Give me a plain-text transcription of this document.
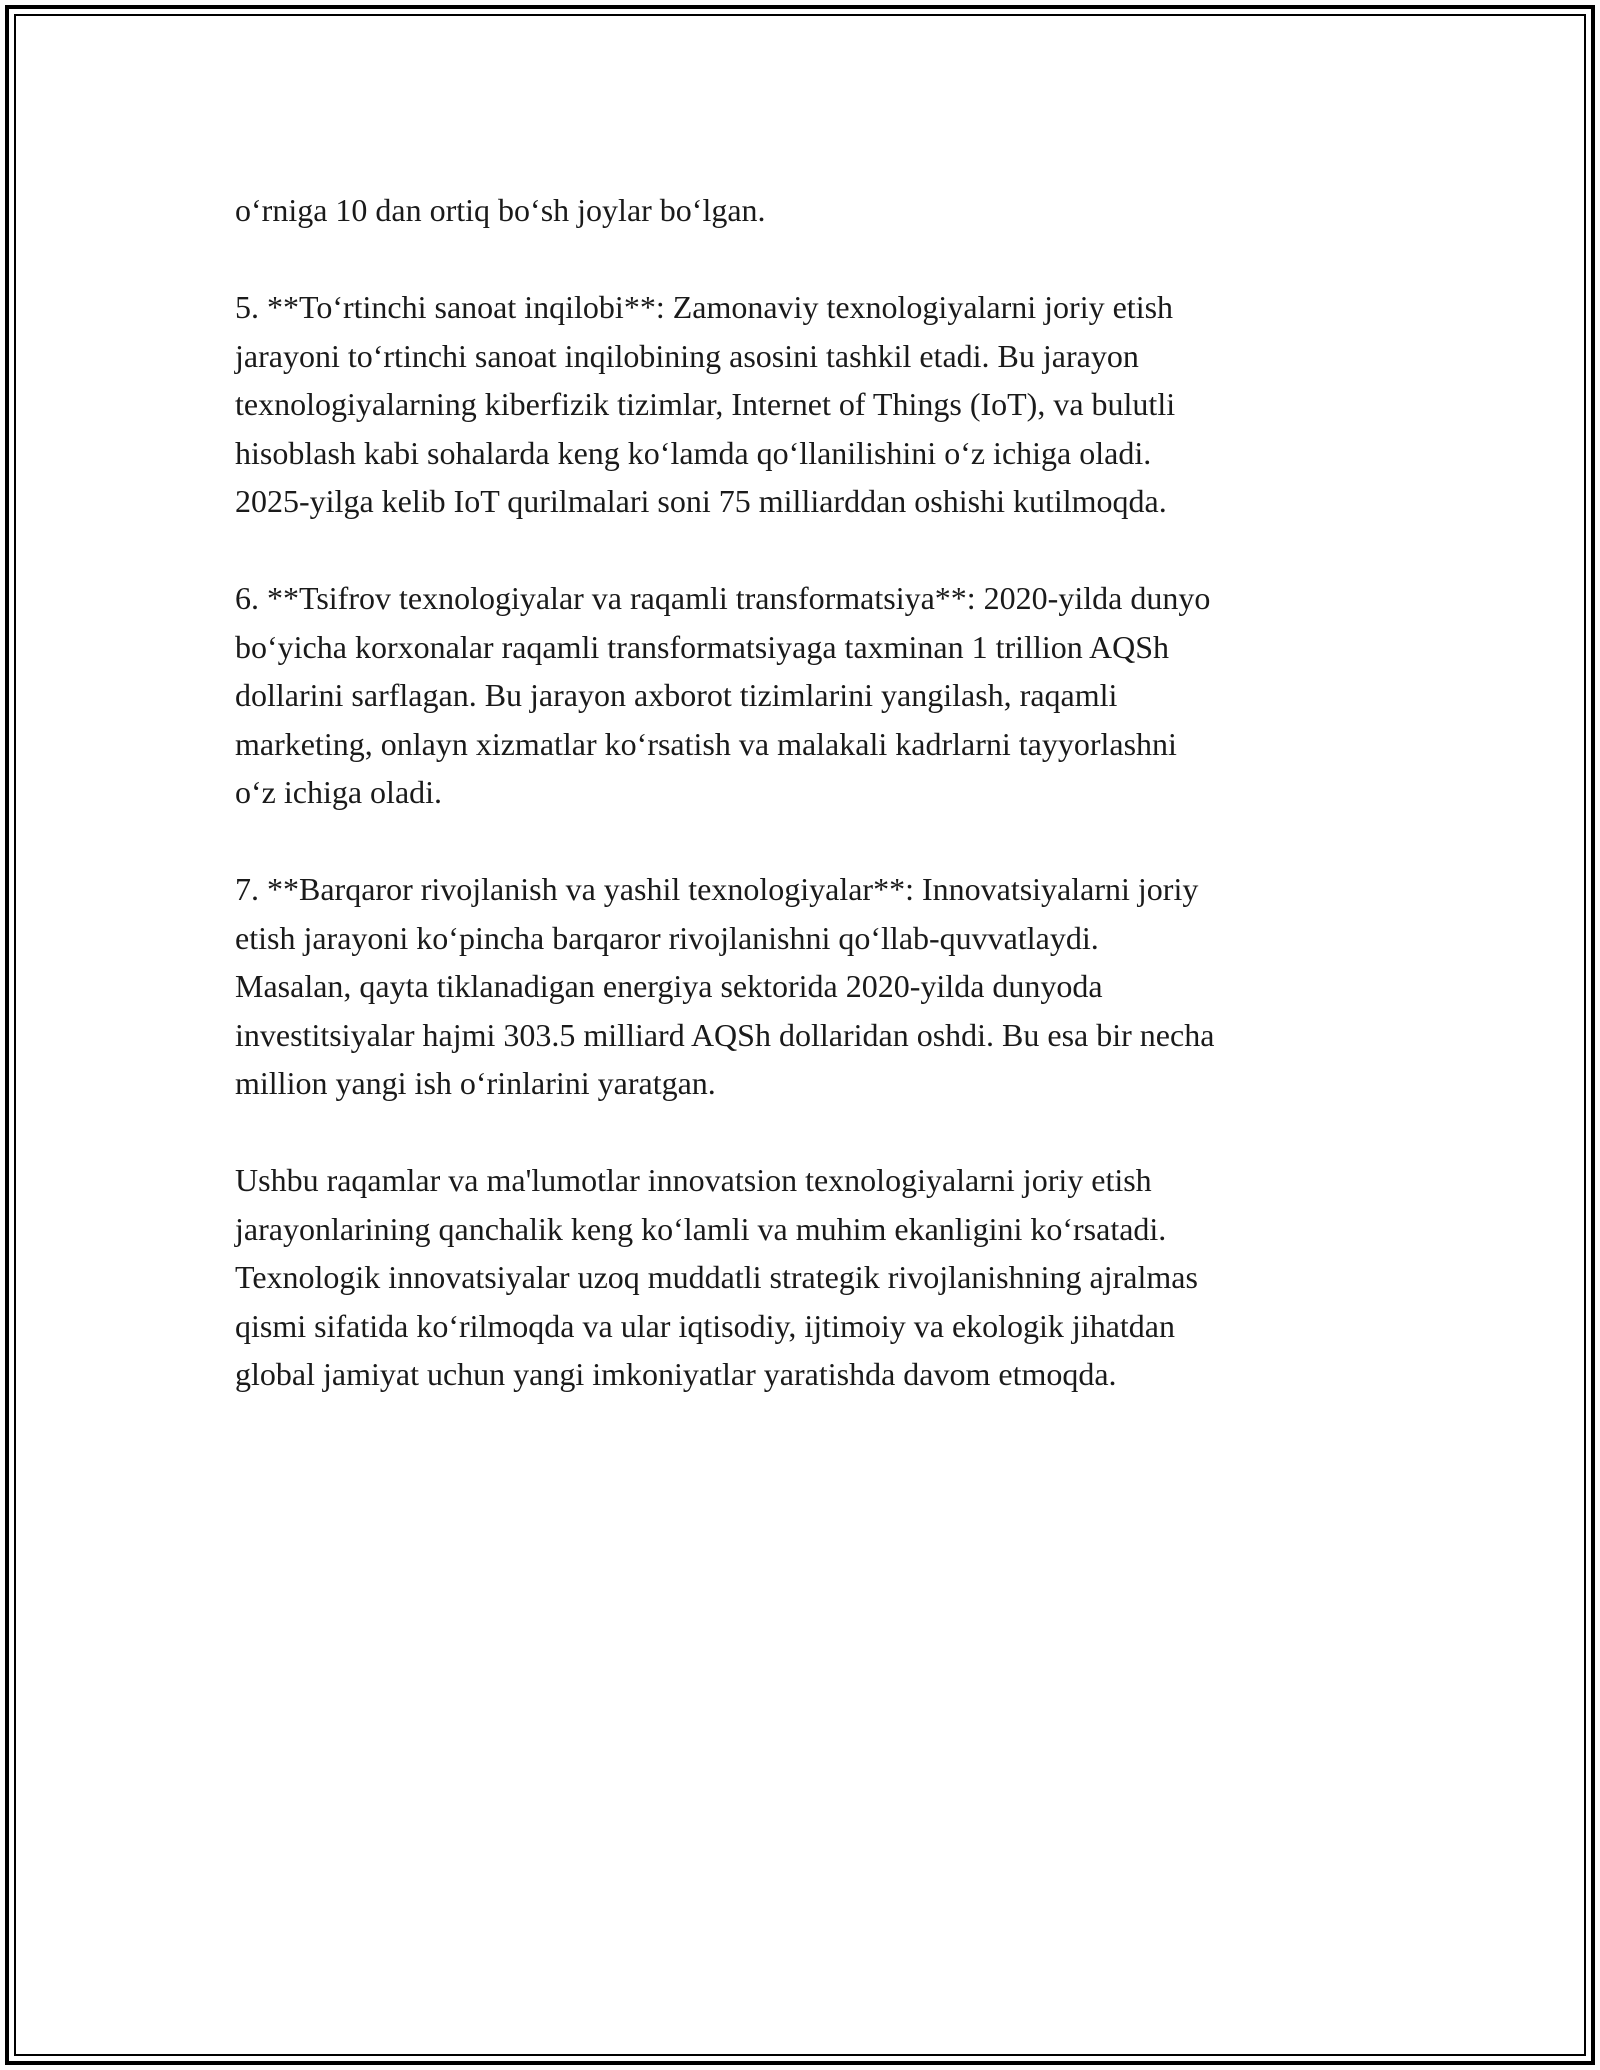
oʻrniga 10 dan ortiq boʻsh joylar boʻlgan.

5. **Toʻrtinchi sanoat inqilobi**: Zamonaviy texnologiyalarni joriy etish
jarayoni toʻrtinchi sanoat inqilobining asosini tashkil etadi. Bu jarayon
texnologiyalarning kiberfizik tizimlar, Internet of Things (IoT), va bulutli
hisoblash kabi sohalarda keng koʻlamda qoʻllanilishini oʻz ichiga oladi.
2025-yilga kelib IoT qurilmalari soni 75 milliarddan oshishi kutilmoqda.

6. **Tsifrov texnologiyalar va raqamli transformatsiya**: 2020-yilda dunyo
boʻyicha korxonalar raqamli transformatsiyaga taxminan 1 trillion AQSh
dollarini sarflagan. Bu jarayon axborot tizimlarini yangilash, raqamli
marketing, onlayn xizmatlar koʻrsatish va malakali kadrlarni tayyorlashni
oʻz ichiga oladi.

7. **Barqaror rivojlanish va yashil texnologiyalar**: Innovatsiyalarni joriy
etish jarayoni koʻpincha barqaror rivojlanishni qoʻllab-quvvatlaydi.
Masalan, qayta tiklanadigan energiya sektorida 2020-yilda dunyoda
investitsiyalar hajmi 303.5 milliard AQSh dollaridan oshdi. Bu esa bir necha
million yangi ish oʻrinlarini yaratgan.

Ushbu raqamlar va ma'lumotlar innovatsion texnologiyalarni joriy etish
jarayonlarining qanchalik keng koʻlamli va muhim ekanligini koʻrsatadi.
Texnologik innovatsiyalar uzoq muddatli strategik rivojlanishning ajralmas
qismi sifatida koʻrilmoqda va ular iqtisodiy, ijtimoiy va ekologik jihatdan
global jamiyat uchun yangi imkoniyatlar yaratishda davom etmoqda.
